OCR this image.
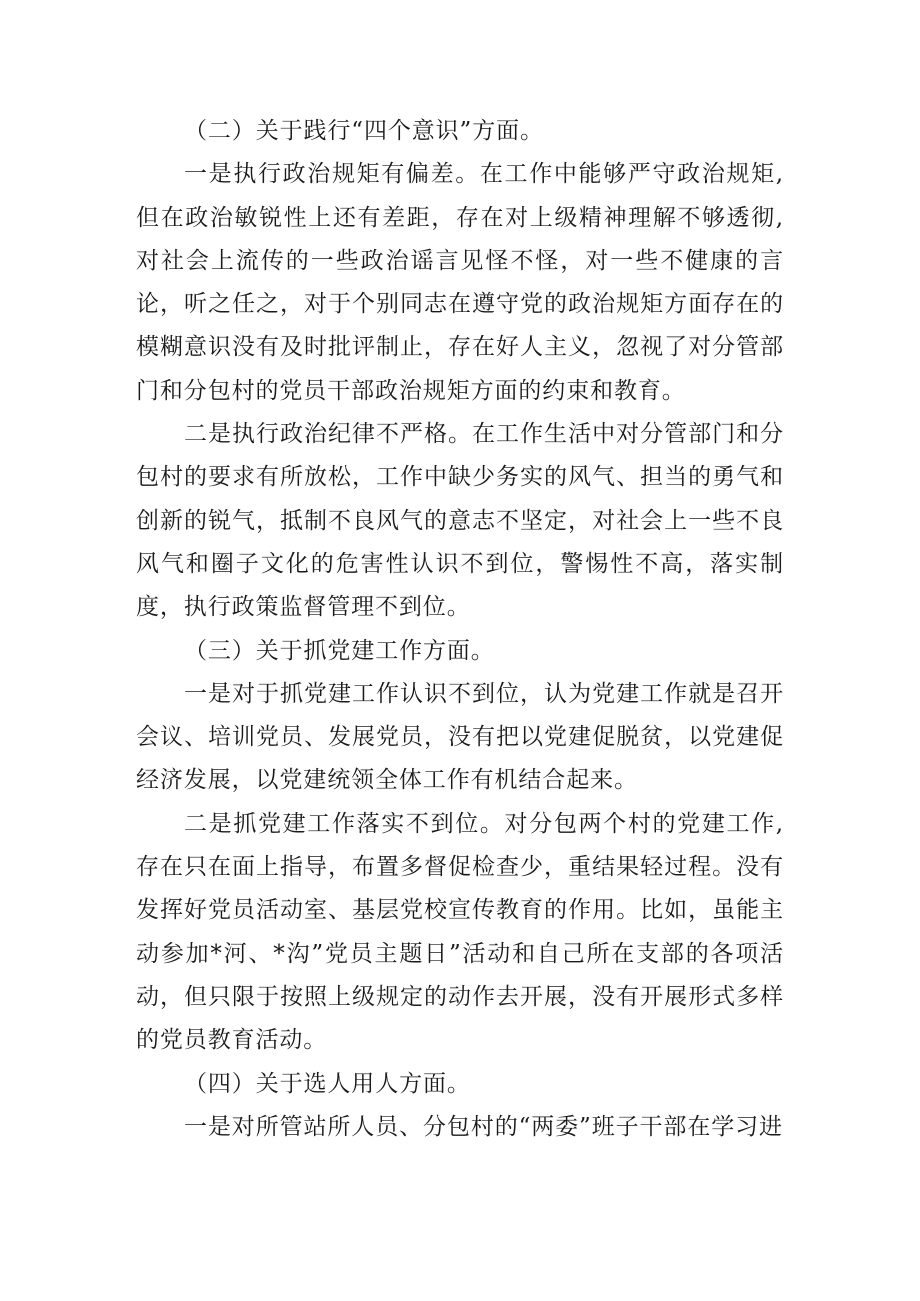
（二）关于践行“四个意识”方面。

一是执行政治规矩有偏差。在工作中能够严守政治规矩,但在政治敏锐性上还有差距，存在对上级精神理解不够透彻,对社会上流传的一些政治谣言见怪不怪，对一些不健康的言论，听之任之，对于个别同志在遵守党的政治规矩方面存在的模糊意识没有及时批评制止，存在好人主义，忽视了对分管部门和分包村的党员干部政治规矩方面的约束和教育。

二是执行政治纪律不严格。在工作生活中对分管部门和分包村的要求有所放松，工作中缺少务实的风气、担当的勇气和创新的锐气，抵制不良风气的意志不坚定，对社会上一些不良风气和圈子文化的危害性认识不到位，警惕性不高，落实制度，执行政策监督管理不到位。

（三）关于抓党建工作方面。

一是对于抓党建工作认识不到位，认为党建工作就是召开会议、培训党员、发展党员，没有把以党建促脱贫，以党建促经济发展，以党建统领全体工作有机结合起来。

二是抓党建工作落实不到位。对分包两个村的党建工作,存在只在面上指导，布置多督促检查少，重结果轻过程。没有发挥好党员活动室、基层党校宣传教育的作用。比如，虽能主动参加*河、*沟”党员主题日”活动和自己所在支部的各项活动，但只限于按照上级规定的动作去开展，没有开展形式多样的党员教育活动。

（四）关于选人用人方面。

一是对所管站所人员、分包村的“两委”班子干部在学习进
